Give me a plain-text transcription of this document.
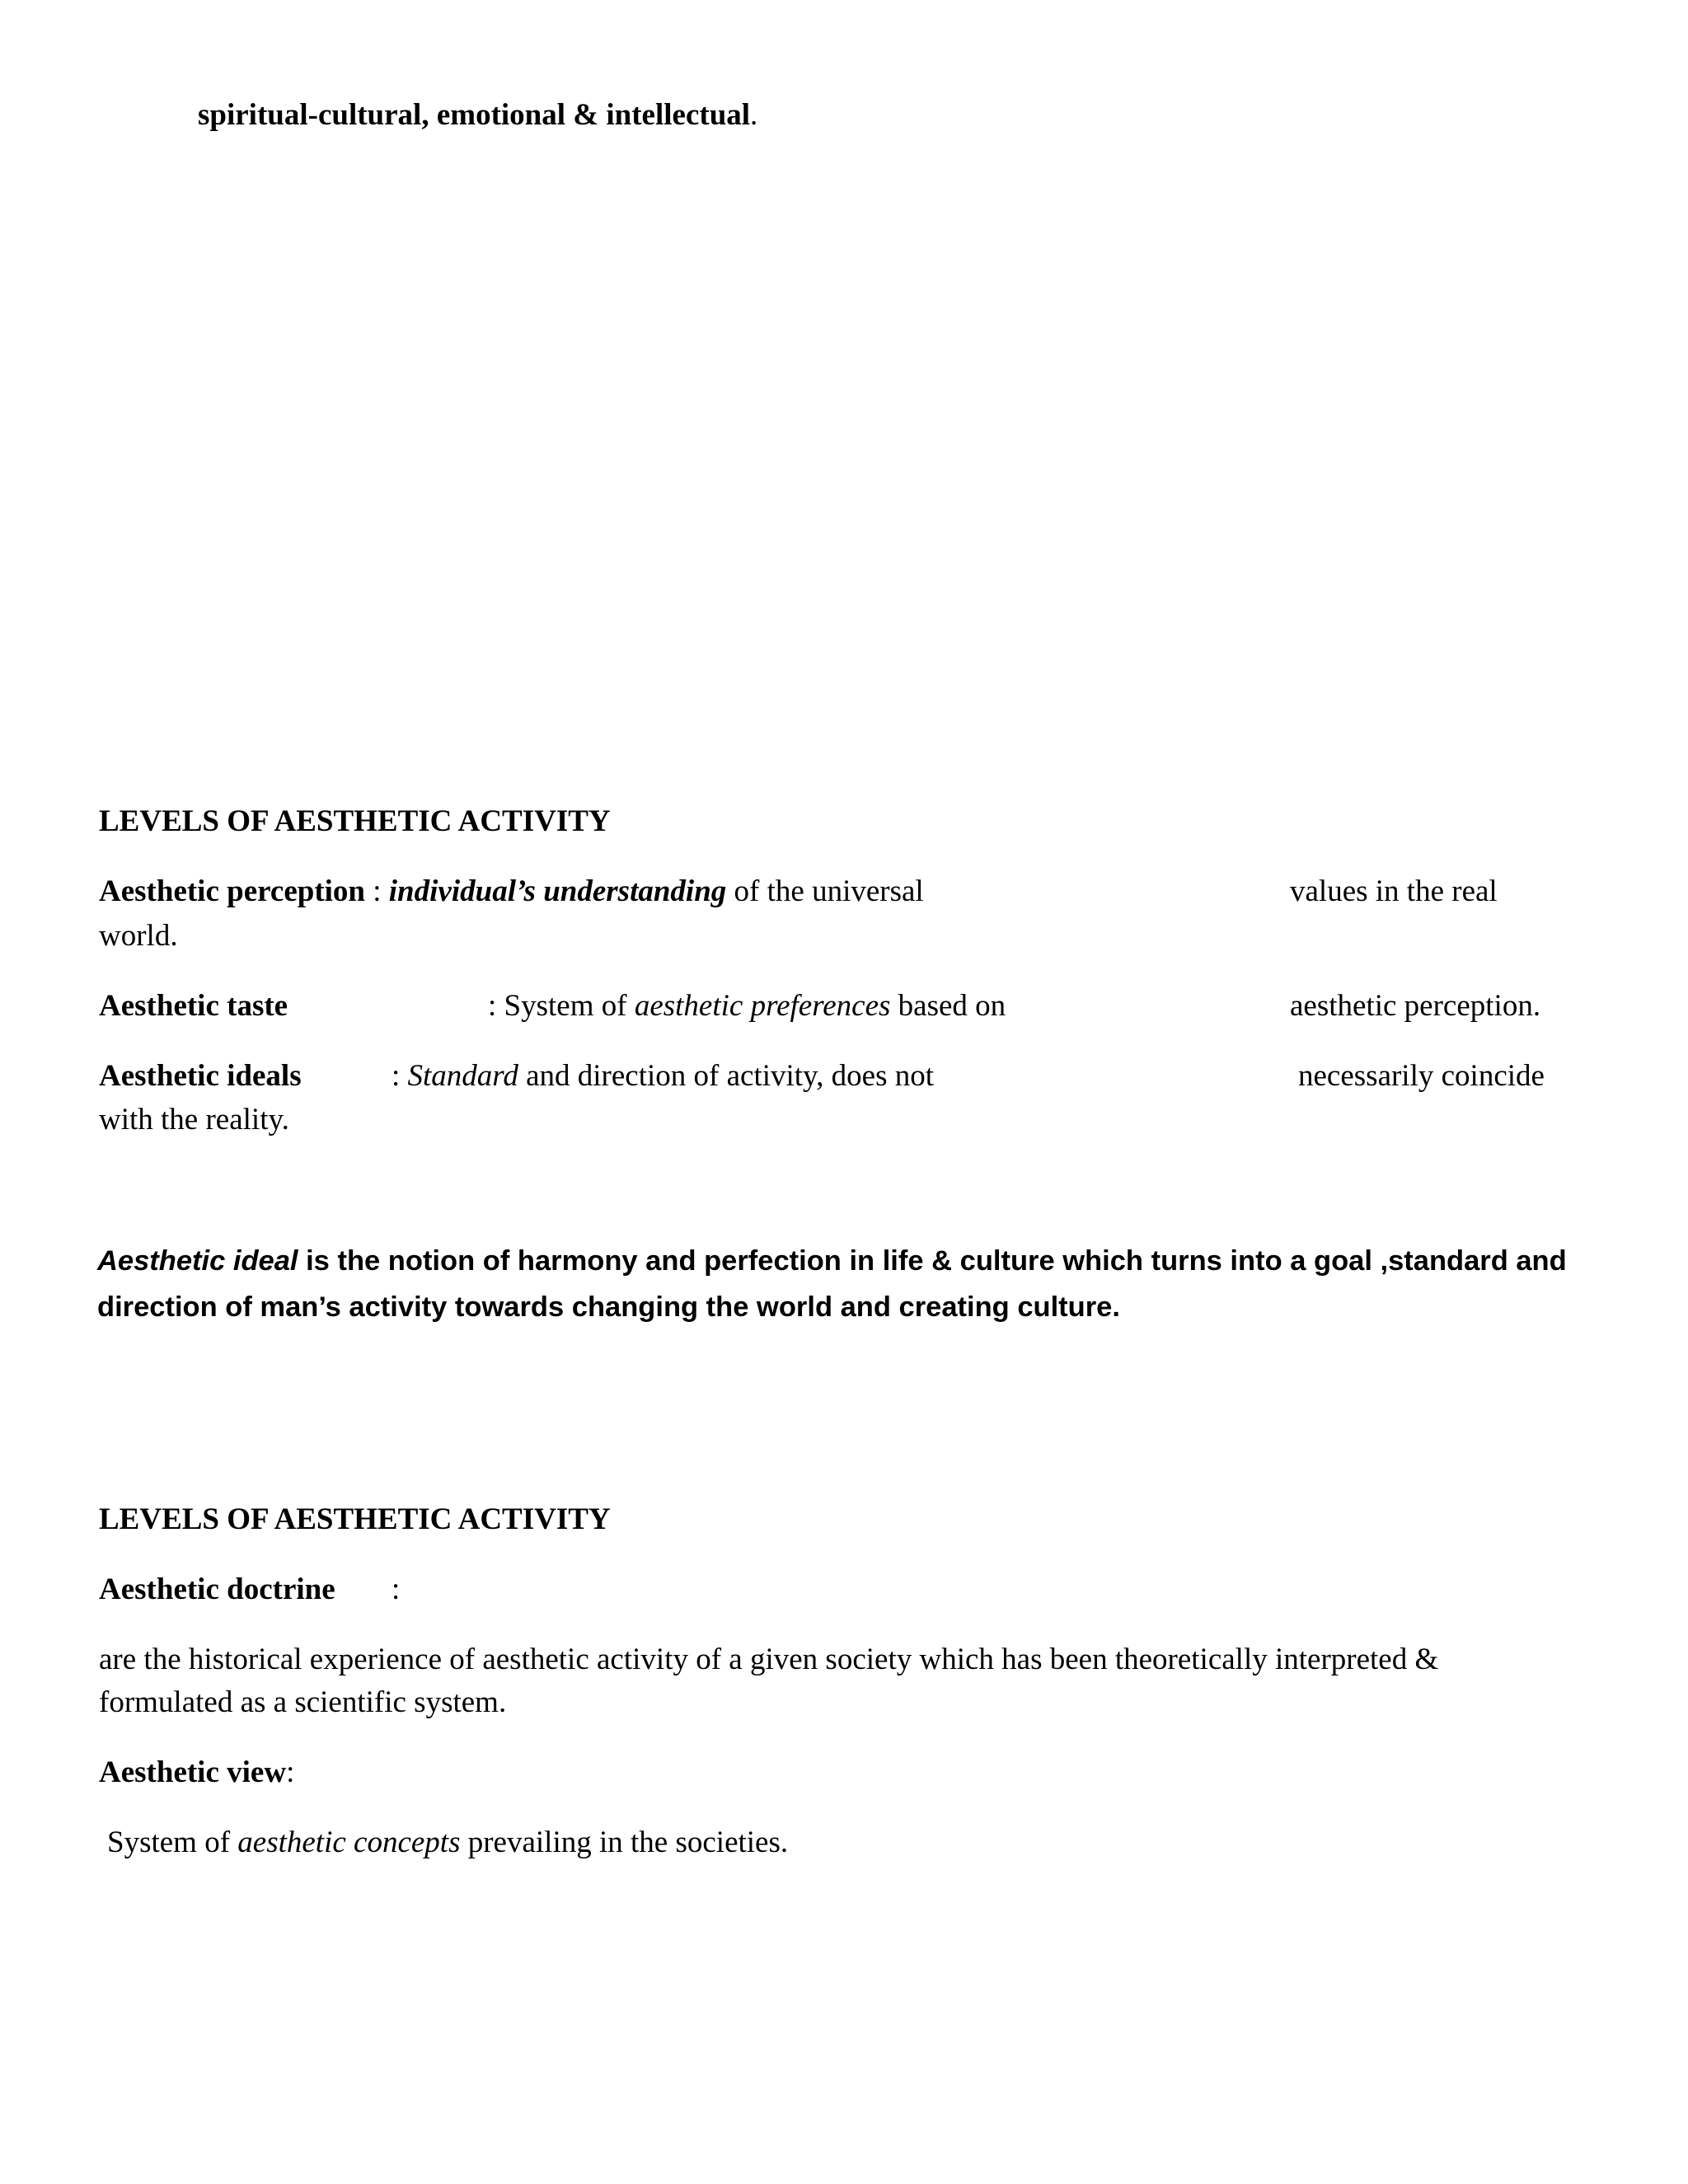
spiritual-cultural, emotional & intellectual.

LEVELS OF AESTHETIC ACTIVITY

Aesthetic perception : individual’s understanding of the universal	values in the real

world.

Aesthetic taste	: System of aesthetic preferences based on	aesthetic perception.

Aesthetic ideals	: Standard and direction of activity, does not	necessarily coincide

with the reality.

Aesthetic ideal is the notion of harmony and perfection in life & culture which turns into a goal ,standard and direction of man’s activity towards changing the world and creating culture.

LEVELS OF AESTHETIC ACTIVITY

Aesthetic doctrine :

are the historical experience of aesthetic activity of a given society which has been theoretically interpreted &

formulated as a scientific system.

Aesthetic view:

System of aesthetic concepts prevailing in the societies.
